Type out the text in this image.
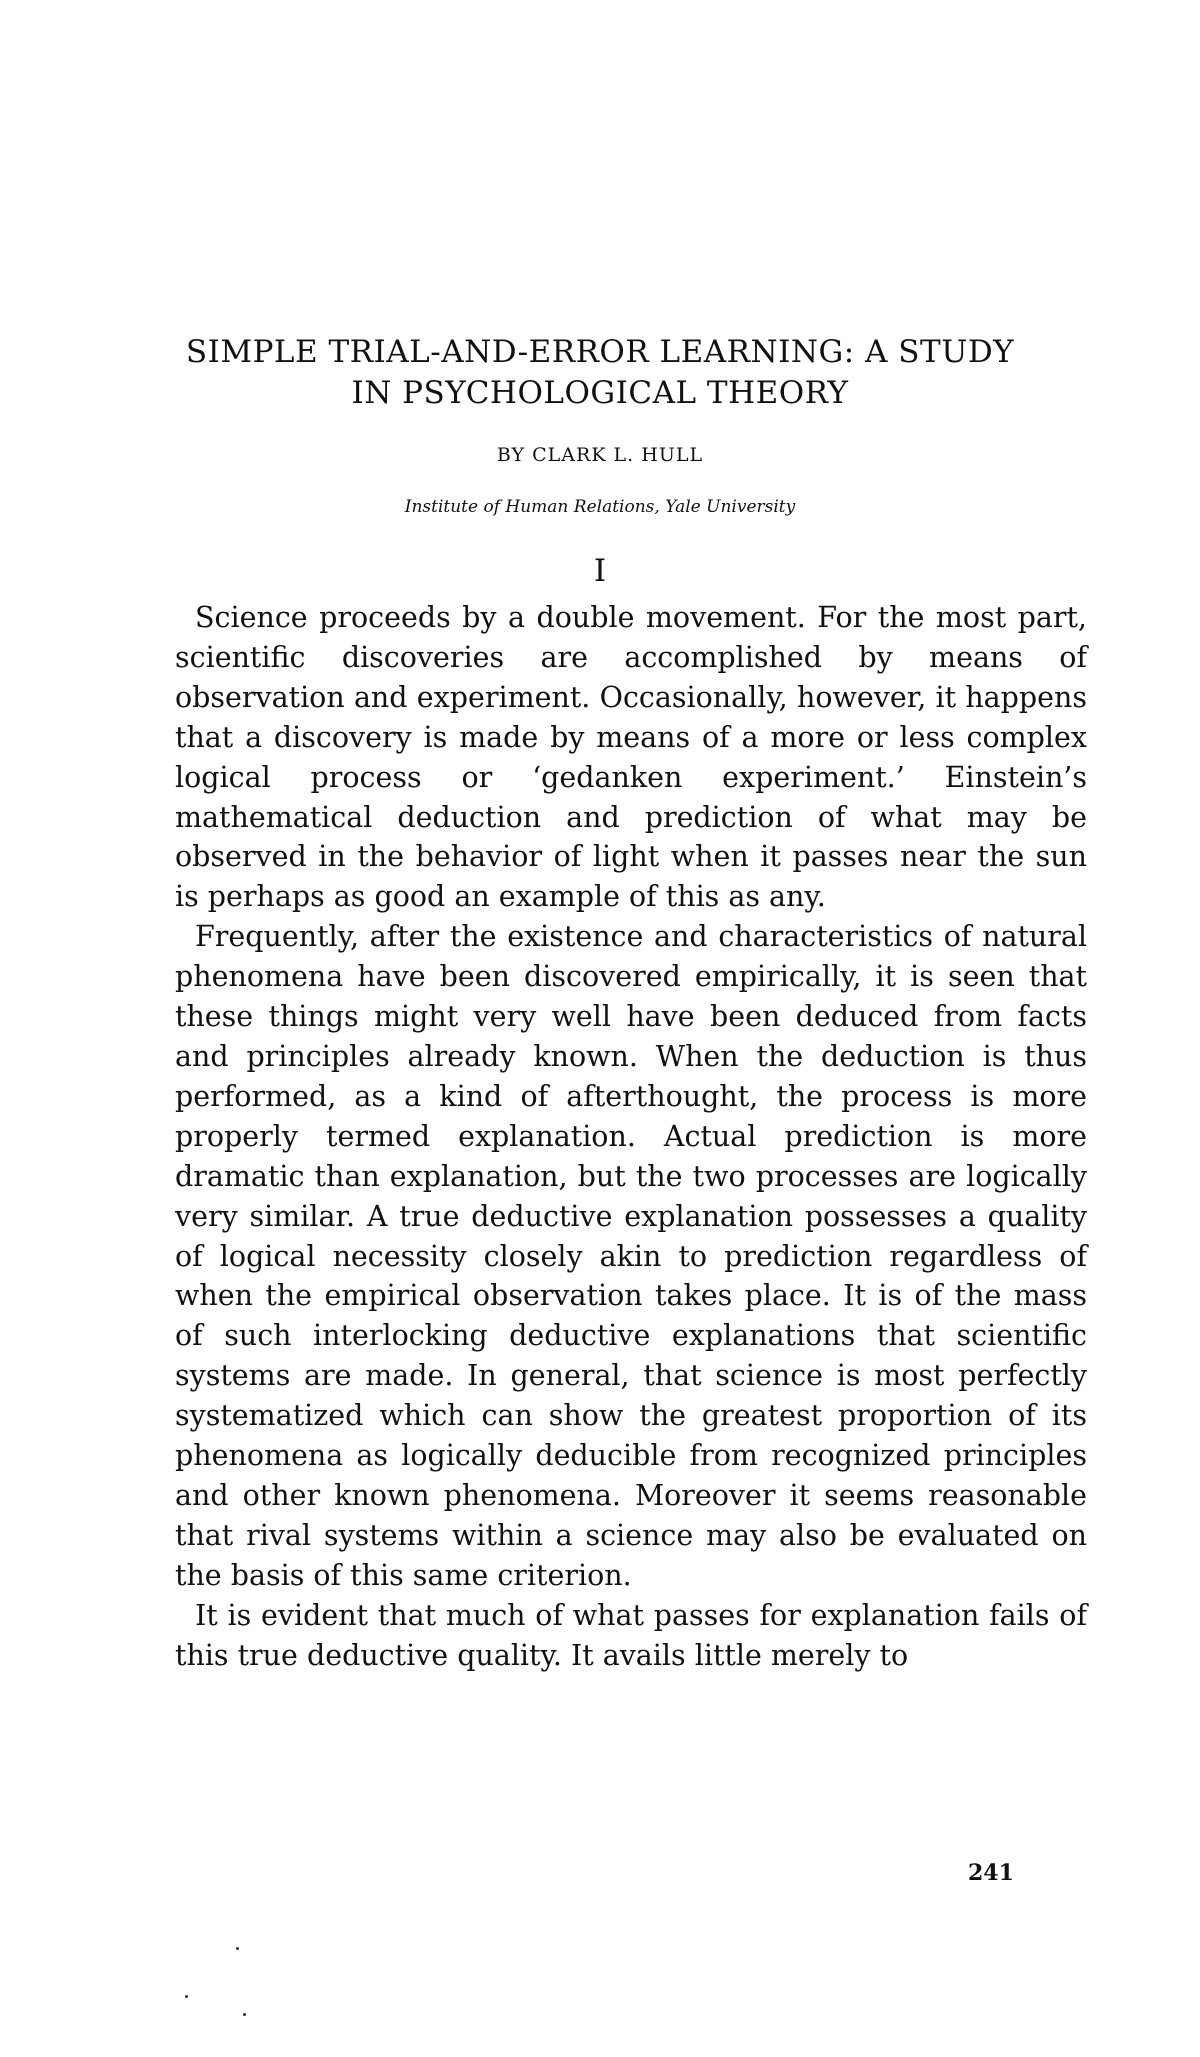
SIMPLE TRIAL-AND-ERROR LEARNING: A STUDY
IN PSYCHOLOGICAL THEORY
BY CLARK L. HULL
Institute of Human Relations, Yale University
I

Science proceeds by a double movement. For the most part, scientific discoveries are accomplished by means of observation and experiment. Occasionally, however, it happens that a discovery is made by means of a more or less complex logical process or ‘gedanken experiment.’ Einstein’s mathematical deduction and prediction of what may be observed in the behavior of light when it passes near the sun is perhaps as good an example of this as any.

Frequently, after the existence and characteristics of natural phenomena have been discovered empirically, it is seen that these things might very well have been deduced from facts and principles already known. When the deduction is thus performed, as a kind of afterthought, the process is more properly termed explanation. Actual prediction is more dramatic than explanation, but the two processes are logically very similar. A true deductive explanation possesses a quality of logical necessity closely akin to prediction regardless of when the empirical observation takes place. It is of the mass of such interlocking deductive explanations that scientific systems are made. In general, that science is most perfectly systematized which can show the greatest proportion of its phenomena as logically deducible from recognized principles and other known phenomena. Moreover it seems reasonable that rival systems within a science may also be evaluated on the basis of this same criterion.

It is evident that much of what passes for explanation fails of this true deductive quality. It avails little merely to

241
